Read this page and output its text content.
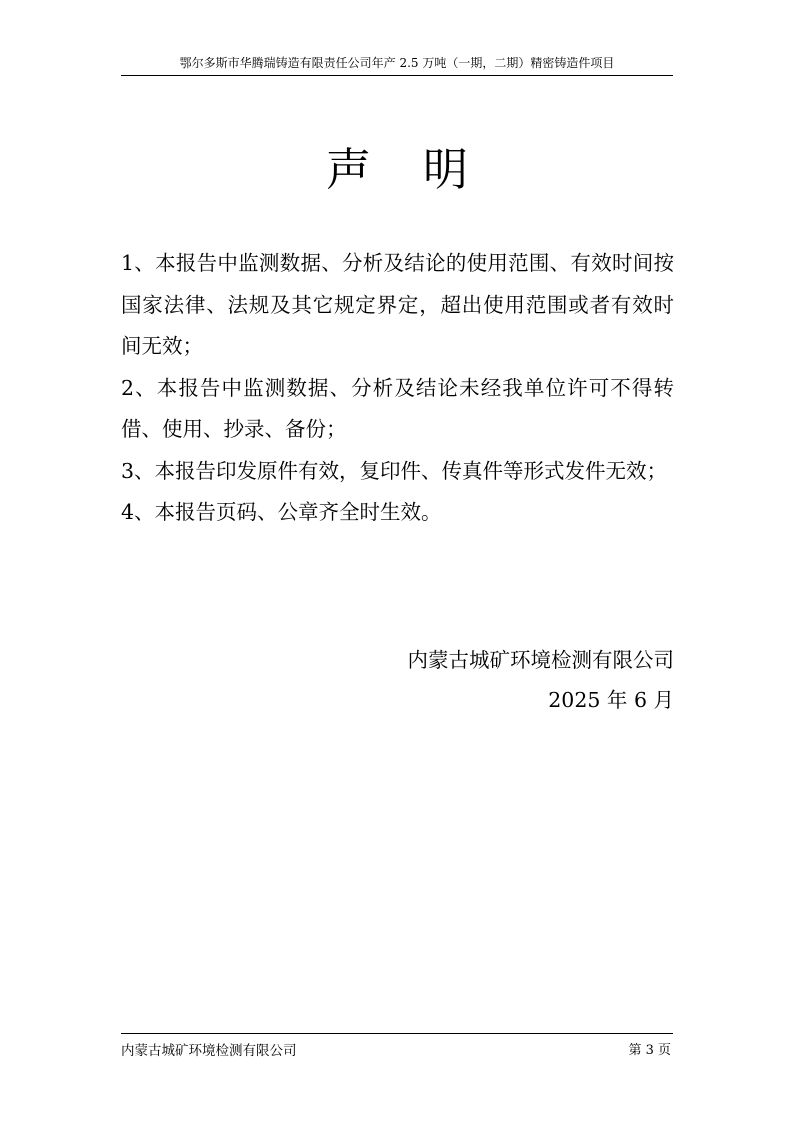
鄂尔多斯市华腾瑞铸造有限责任公司年产 2.5 万吨（一期，二期）精密铸造件项目
声明

1、本报告中监测数据、分析及结论的使用范围、有效时间按国家法律、法规及其它规定界定，超出使用范围或者有效时间无效；

2、本报告中监测数据、分析及结论未经我单位许可不得转借、使用、抄录、备份；

3、本报告印发原件有效，复印件、传真件等形式发件无效；

4、本报告页码、公章齐全时生效。

内蒙古城矿环境检测有限公司
2025 年 6 月
内蒙古城矿环境检测有限公司	第 3 页
